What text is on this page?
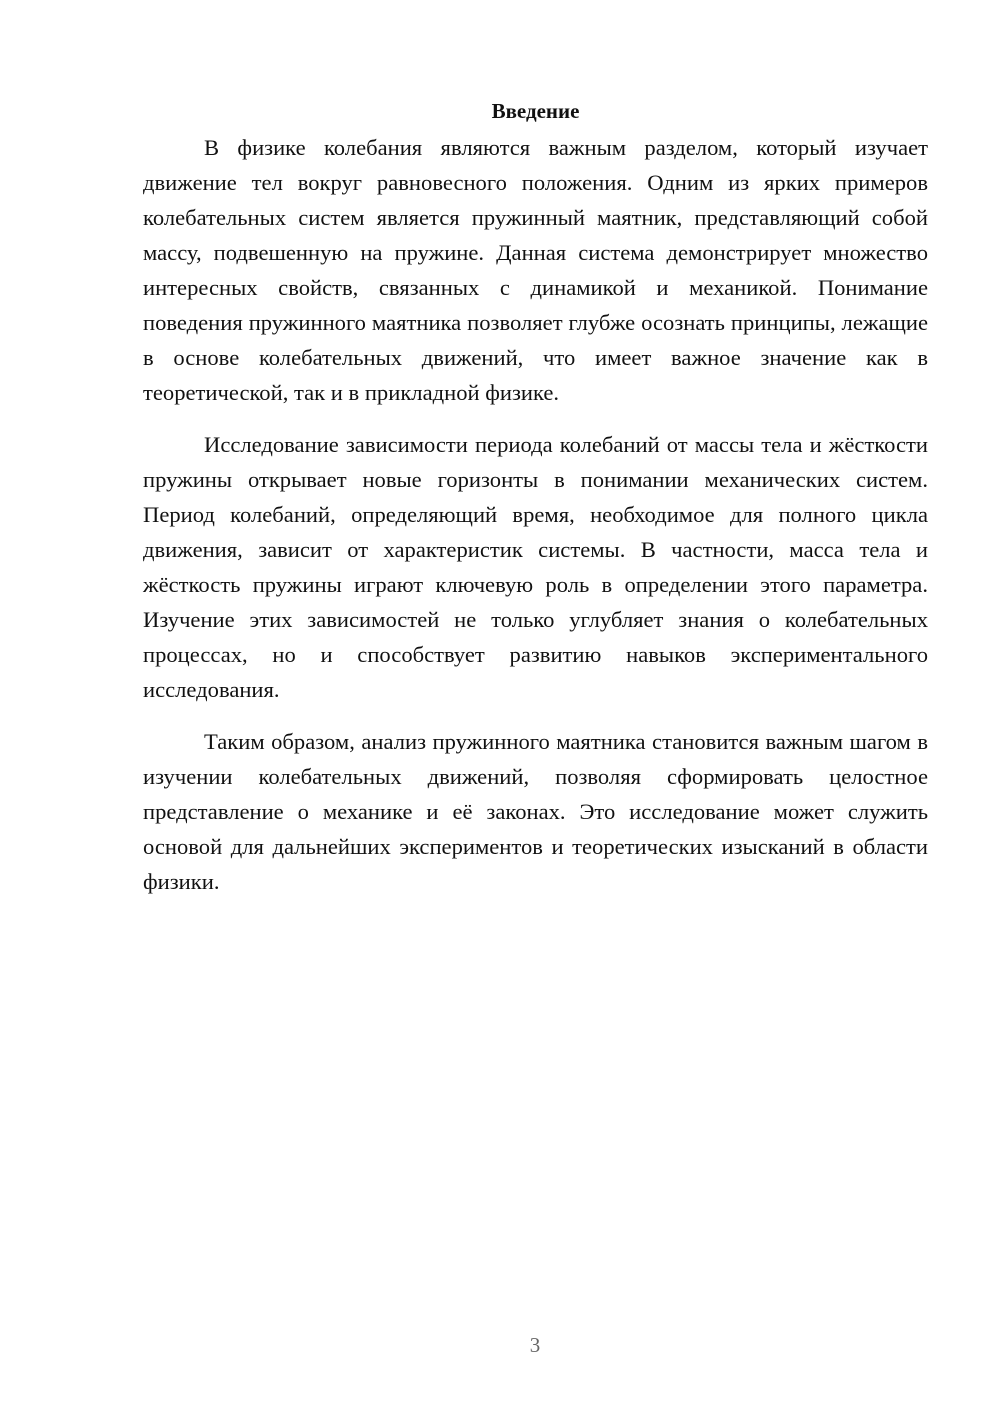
Введение

В физике колебания являются важным разделом, который изучает движение тел вокруг равновесного положения. Одним из ярких примеров колебательных систем является пружинный маятник, представляющий собой массу, подвешенную на пружине. Данная система демонстрирует множество интересных свойств, связанных с динамикой и механикой. Понимание поведения пружинного маятника позволяет глубже осознать принципы, лежащие в основе колебательных движений, что имеет важное значение как в теоретической, так и в прикладной физике.

Исследование зависимости периода колебаний от массы тела и жёсткости пружины открывает новые горизонты в понимании механических систем. Период колебаний, определяющий время, необходимое для полного цикла движения, зависит от характеристик системы. В частности, масса тела и жёсткость пружины играют ключевую роль в определении этого параметра. Изучение этих зависимостей не только углубляет знания о колебательных процессах, но и способствует развитию навыков экспериментального исследования.

Таким образом, анализ пружинного маятника становится важным шагом в изучении колебательных движений, позволяя сформировать целостное представление о механике и её законах. Это исследование может служить основой для дальнейших экспериментов и теоретических изысканий в области физики.

3
